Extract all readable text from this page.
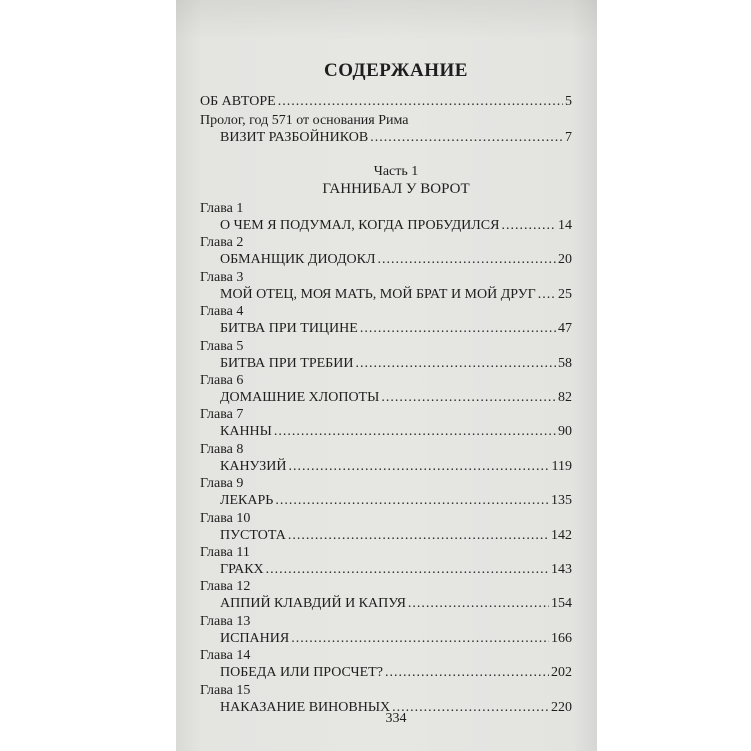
СОДЕРЖАНИЕ
ОБ АВТОРЕ .....	5
Пролог, год 571 от основания Рима
ВИЗИТ РАЗБОЙНИКОВ .....	7
Часть 1
ГАННИБАЛ У ВОРОТ
Глава 1
О ЧЕМ Я ПОДУМАЛ, КОГДА ПРОБУДИЛСЯ .....	14
Глава 2
ОБМАНЩИК ДИОДОКЛ .....	20
Глава 3
МОЙ ОТЕЦ, МОЯ МАТЬ, МОЙ БРАТ И МОЙ ДРУГ ..... 25
Глава 4
БИТВА ПРИ ТИЦИНЕ .....	47
Глава 5
БИТВА ПРИ ТРЕБИИ .....	58
Глава 6
ДОМАШНИЕ ХЛОПОТЫ .....	82
Глава 7
КАННЫ .....	90
Глава 8
КАНУЗИЙ .....	119
Глава 9
ЛЕКАРЬ .....	135
Глава 10
ПУСТОТА .....	142
Глава 11
ГРАКХ .....	143
Глава 12
АППИЙ КЛАВДИЙ И КАПУЯ .....	154
Глава 13
ИСПАНИЯ .....	166
Глава 14
ПОБЕДА ИЛИ ПРОСЧЕТ? .....	202
Глава 15
НАКАЗАНИЕ ВИНОВНЫХ .....	220
334
